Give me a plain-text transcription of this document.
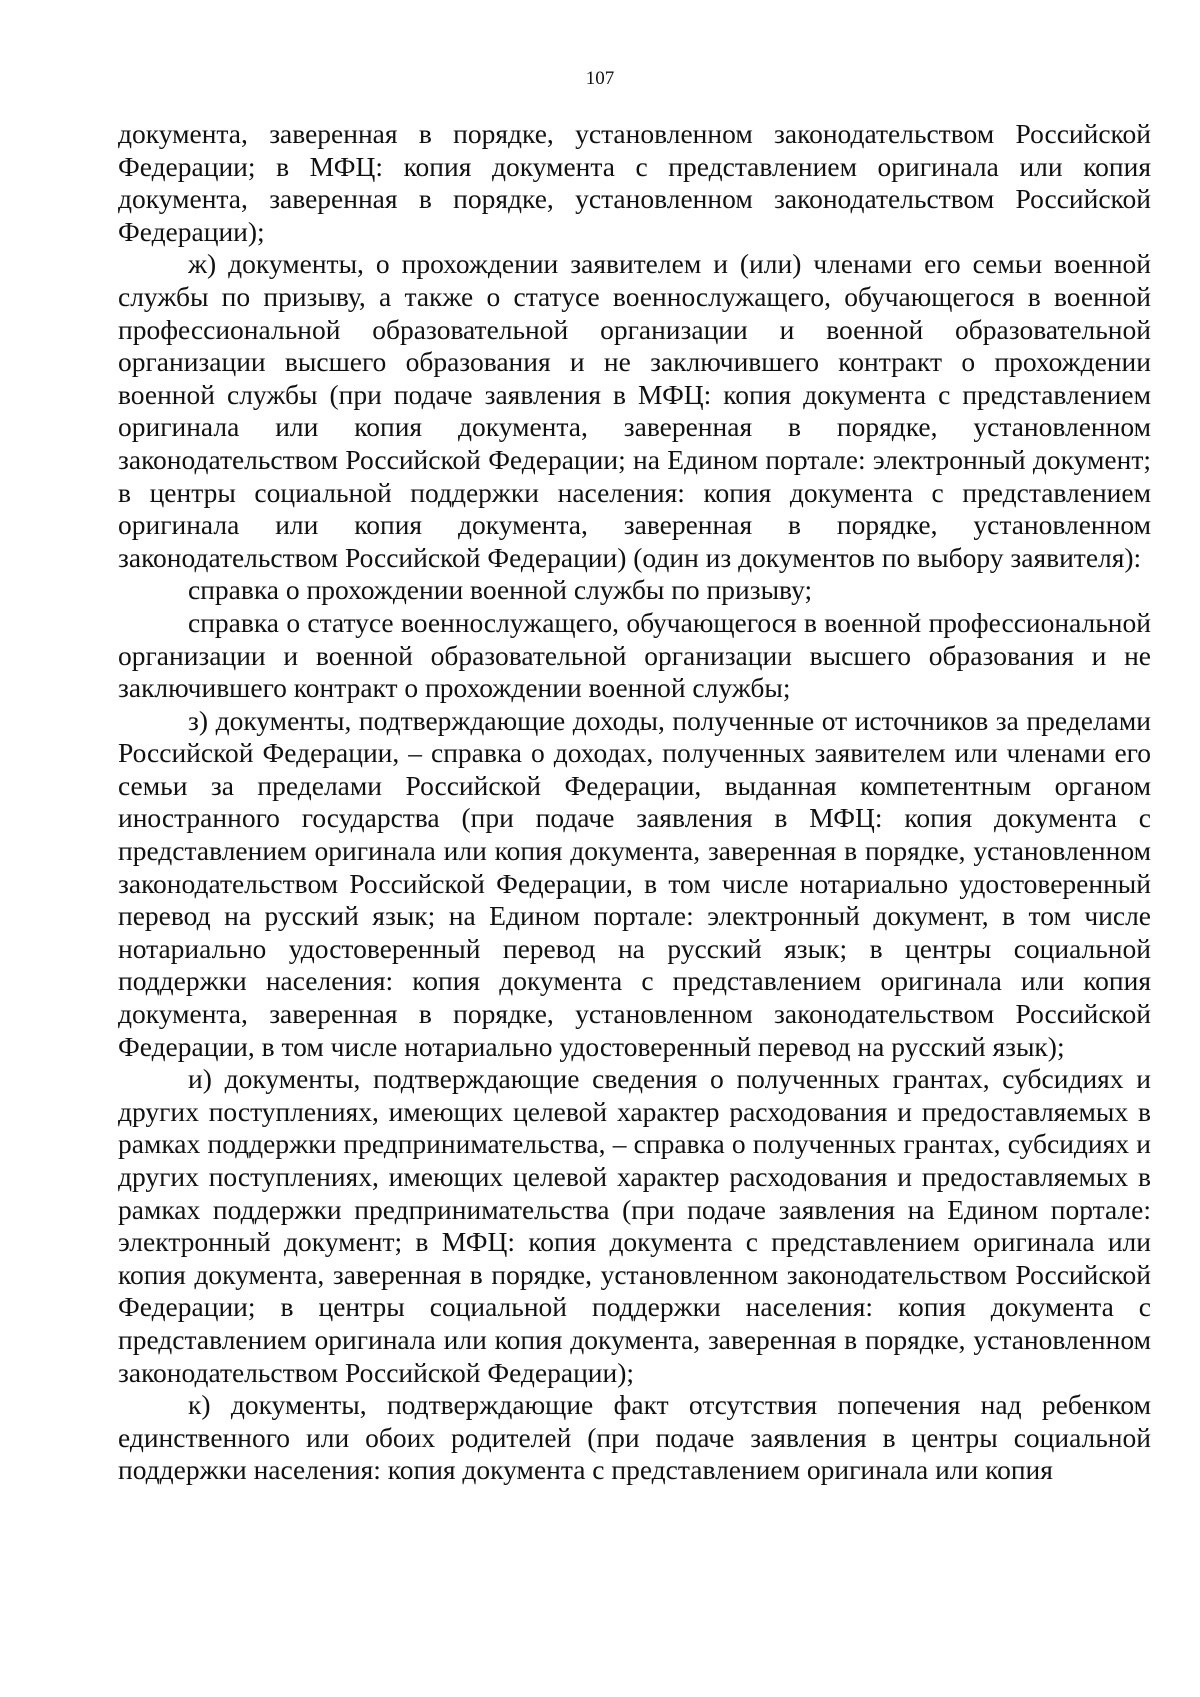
107

документа, заверенная в порядке, установленном законодательством Российской Федерации; в МФЦ: копия документа с представлением оригинала или копия документа, заверенная в порядке, установленном законодательством Российской Федерации);

ж) документы, о прохождении заявителем и (или) членами его семьи военной службы по призыву, а также о статусе военнослужащего, обучающегося в военной профессиональной образовательной организации и военной образовательной организации высшего образования и не заключившего контракт о прохождении военной службы (при подаче заявления в МФЦ: копия документа с представлением оригинала или копия документа, заверенная в порядке, установленном законодательством Российской Федерации; на Едином портале: электронный документ; в центры социальной поддержки населения: копия документа с представлением оригинала или копия документа, заверенная в порядке, установленном законодательством Российской Федерации) (один из документов по выбору заявителя):

справка о прохождении военной службы по призыву;

справка о статусе военнослужащего, обучающегося в военной профессиональной организации и военной образовательной организации высшего образования и не заключившего контракт о прохождении военной службы;

з) документы, подтверждающие доходы, полученные от источников за пределами Российской Федерации, – справка о доходах, полученных заявителем или членами его семьи за пределами Российской Федерации, выданная компетентным органом иностранного государства (при подаче заявления в МФЦ: копия документа с представлением оригинала или копия документа, заверенная в порядке, установленном законодательством Российской Федерации, в том числе нотариально удостоверенный перевод на русский язык; на Едином портале: электронный документ, в том числе нотариально удостоверенный перевод на русский язык; в центры социальной поддержки населения: копия документа с представлением оригинала или копия документа, заверенная в порядке, установленном законодательством Российской Федерации, в том числе нотариально удостоверенный перевод на русский язык);

и) документы, подтверждающие сведения о полученных грантах, субсидиях и других поступлениях, имеющих целевой характер расходования и предоставляемых в рамках поддержки предпринимательства, – справка о полученных грантах, субсидиях и других поступлениях, имеющих целевой характер расходования и предоставляемых в рамках поддержки предпринимательства (при подаче заявления на Едином портале: электронный документ; в МФЦ: копия документа с представлением оригинала или копия документа, заверенная в порядке, установленном законодательством Российской Федерации; в центры социальной поддержки населения: копия документа с представлением оригинала или копия документа, заверенная в порядке, установленном законодательством Российской Федерации);

к) документы, подтверждающие факт отсутствия попечения над ребенком единственного или обоих родителей (при подаче заявления в центры социальной поддержки населения: копия документа с представлением оригинала или копия
